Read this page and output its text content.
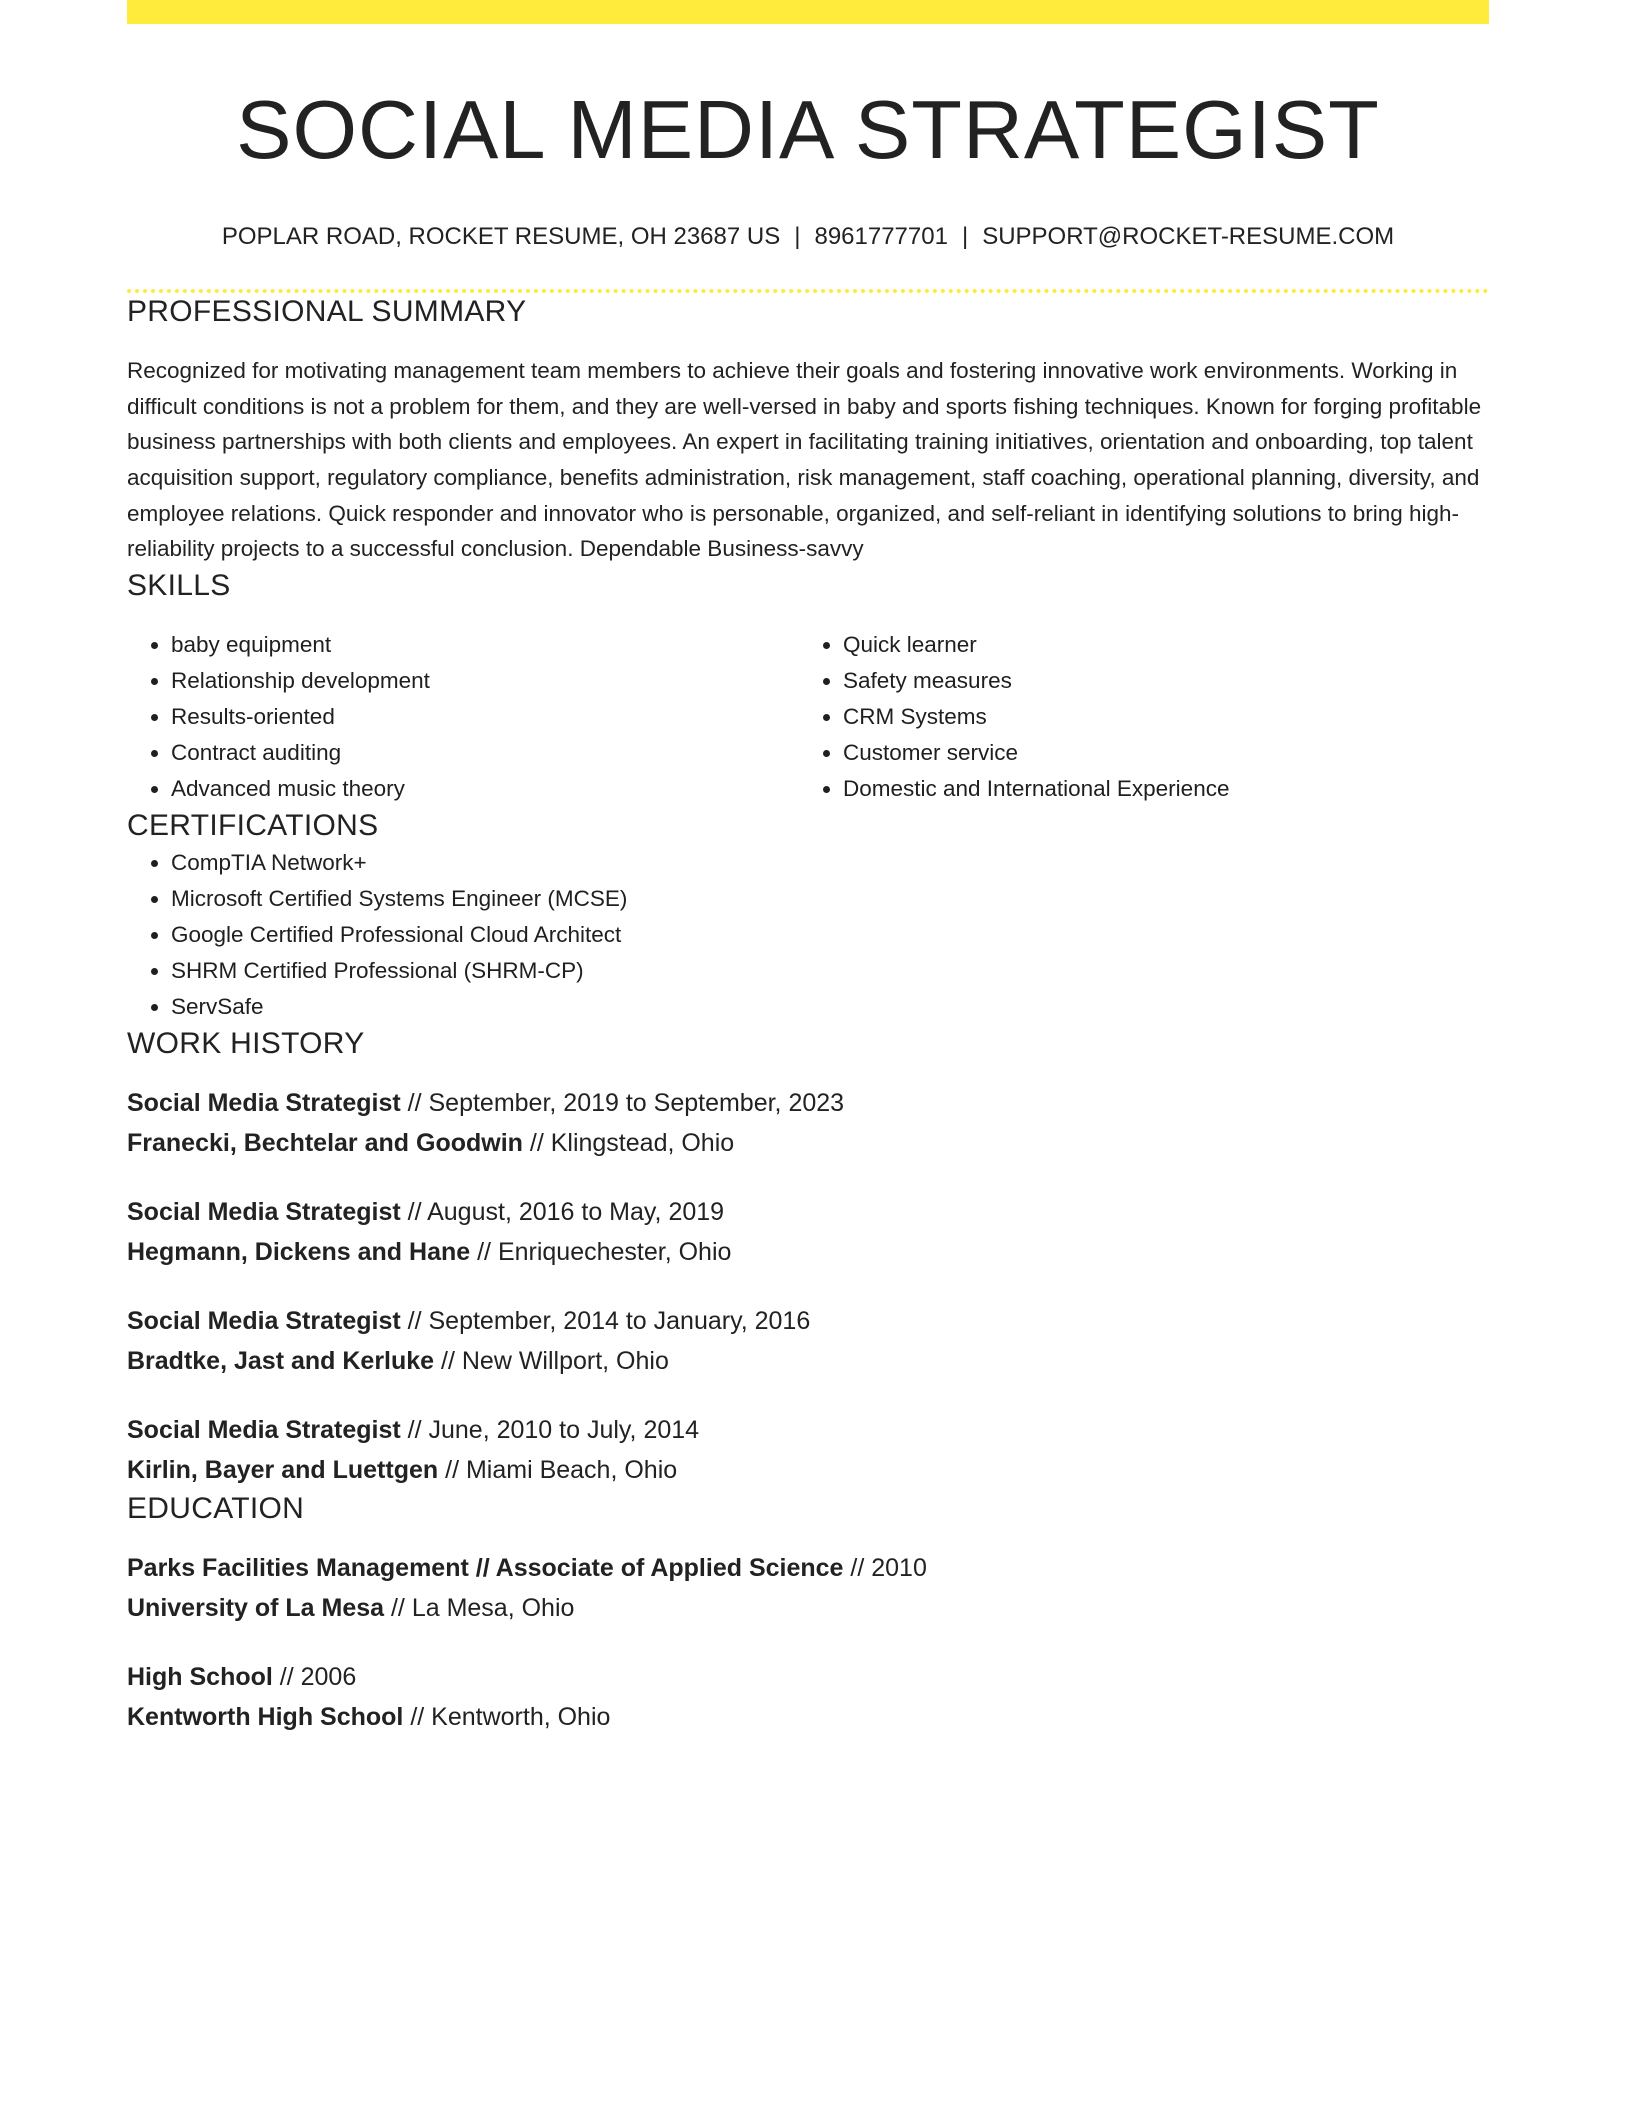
SOCIAL MEDIA STRATEGIST
POPLAR ROAD, ROCKET RESUME, OH 23687 US | 8961777701 | SUPPORT@ROCKET-RESUME.COM
PROFESSIONAL SUMMARY

Recognized for motivating management team members to achieve their goals and fostering innovative work environments. Working in difficult conditions is not a problem for them, and they are well-versed in baby and sports fishing techniques. Known for forging profitable business partnerships with both clients and employees. An expert in facilitating training initiatives, orientation and onboarding, top talent acquisition support, regulatory compliance, benefits administration, risk management, staff coaching, operational planning, diversity, and employee relations. Quick responder and innovator who is personable, organized, and self-reliant in identifying solutions to bring high-reliability projects to a successful conclusion. Dependable Business-savvy

SKILLS
• baby equipment
• Relationship development
• Results-oriented
• Contract auditing
• Advanced music theory
• Quick learner
• Safety measures
• CRM Systems
• Customer service
• Domestic and International Experience
CERTIFICATIONS
• CompTIA Network+
• Microsoft Certified Systems Engineer (MCSE)
• Google Certified Professional Cloud Architect
• SHRM Certified Professional (SHRM-CP)
• ServSafe
WORK HISTORY
Social Media Strategist // September, 2019 to September, 2023
Franecki, Bechtelar and Goodwin // Klingstead, Ohio
Social Media Strategist // August, 2016 to May, 2019
Hegmann, Dickens and Hane // Enriquechester, Ohio
Social Media Strategist // September, 2014 to January, 2016
Bradtke, Jast and Kerluke // New Willport, Ohio
Social Media Strategist // June, 2010 to July, 2014
Kirlin, Bayer and Luettgen // Miami Beach, Ohio
EDUCATION
Parks Facilities Management // Associate of Applied Science // 2010
University of La Mesa // La Mesa, Ohio
High School // 2006
Kentworth High School // Kentworth, Ohio
